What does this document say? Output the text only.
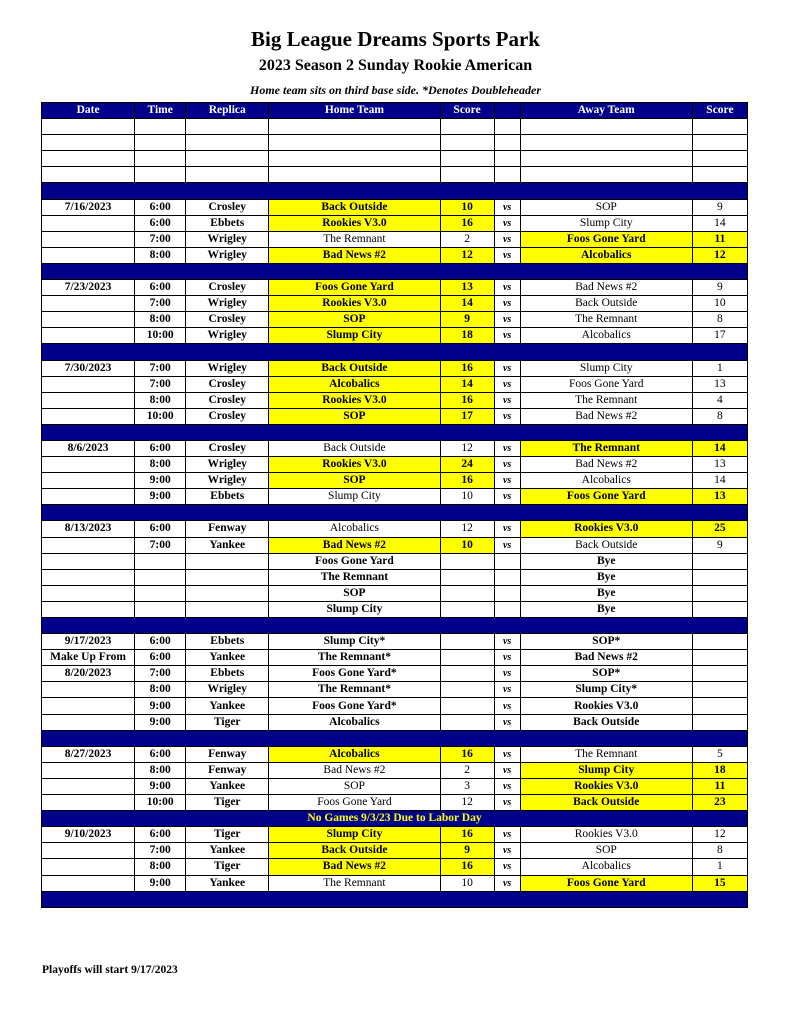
Big League Dreams Sports Park
2023 Season 2 Sunday Rookie American
Home team sits on third base side. *Denotes Doubleheader
Date	Time	Replica	Home Team	Score		Away Team	Score

7/16/2023	6:00	Crosley	Back Outside	10	vs	SOP	9
	6:00	Ebbets	Rookies V3.0	16	vs	Slump City	14
	7:00	Wrigley	The Remnant	2	vs	Foos Gone Yard	11
	8:00	Wrigley	Bad News #2	12	vs	Alcobalics	12

7/23/2023	6:00	Crosley	Foos Gone Yard	13	vs	Bad News #2	9
	7:00	Wrigley	Rookies V3.0	14	vs	Back Outside	10
	8:00	Crosley	SOP	9	vs	The Remnant	8
	10:00	Wrigley	Slump City	18	vs	Alcobalics	17

7/30/2023	7:00	Wrigley	Back Outside	16	vs	Slump City	1
	7:00	Crosley	Alcobalics	14	vs	Foos Gone Yard	13
	8:00	Crosley	Rookies V3.0	16	vs	The Remnant	4
	10:00	Crosley	SOP	17	vs	Bad News #2	8

8/6/2023	6:00	Crosley	Back Outside	12	vs	The Remnant	14
	8:00	Wrigley	Rookies V3.0	24	vs	Bad News #2	13
	9:00	Wrigley	SOP	16	vs	Alcobalics	14
	9:00	Ebbets	Slump City	10	vs	Foos Gone Yard	13

8/13/2023	6:00	Fenway	Alcobalics	12	vs	Rookies V3.0	25
	7:00	Yankee	Bad News #2	10	vs	Back Outside	9
			Foos Gone Yard			Bye	
			The Remnant			Bye	
			SOP			Bye	
			Slump City			Bye	

9/17/2023	6:00	Ebbets	Slump City*		vs	SOP*	
Make Up From	6:00	Yankee	The Remnant*		vs	Bad News #2	
8/20/2023	7:00	Ebbets	Foos Gone Yard*		vs	SOP*	
	8:00	Wrigley	The Remnant*		vs	Slump City*	
	9:00	Yankee	Foos Gone Yard*		vs	Rookies V3.0	
	9:00	Tiger	Alcobalics		vs	Back Outside	

8/27/2023	6:00	Fenway	Alcobalics	16	vs	The Remnant	5
	8:00	Fenway	Bad News #2	2	vs	Slump City	18
	9:00	Yankee	SOP	3	vs	Rookies V3.0	11
	10:00	Tiger	Foos Gone Yard	12	vs	Back Outside	23
No Games 9/3/23 Due to Labor Day							
9/10/2023	6:00	Tiger	Slump City	16	vs	Rookies V3.0	12
	7:00	Yankee	Back Outside	9	vs	SOP	8
	8:00	Tiger	Bad News #2	16	vs	Alcobalics	1
	9:00	Yankee	The Remnant	10	vs	Foos Gone Yard	15

Playoffs will start 9/17/2023
